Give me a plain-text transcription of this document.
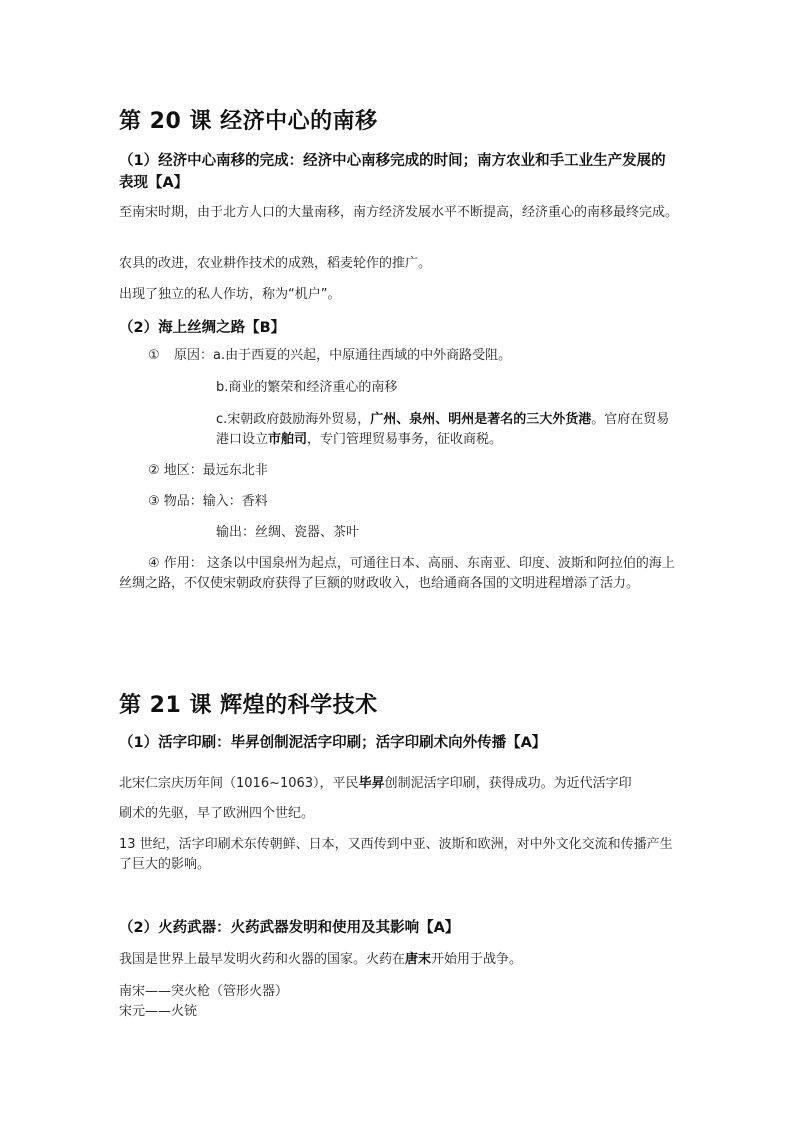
第 20 课 经济中心的南移
（1）经济中心南移的完成：经济中心南移完成的时间；南方农业和手工业生产发展的表现【A】
至南宋时期，由于北方人口的大量南移，南方经济发展水平不断提高，经济重心的南移最终完成。
农具的改进，农业耕作技术的成熟，稻麦轮作的推广。
出现了独立的私人作坊，称为“机户”。
（2）海上丝绸之路【B】
① 原因：a.由于西夏的兴起，中原通往西域的中外商路受阻。
b.商业的繁荣和经济重心的南移
c.宋朝政府鼓励海外贸易，广州、泉州、明州是著名的三大外货港。官府在贸易港口设立市舶司，专门管理贸易事务，征收商税。
② 地区：最远东北非
③ 物品：输入：香料
输出：丝绸、瓷器、茶叶
④ 作用： 这条以中国泉州为起点，可通往日本、高丽、东南亚、印度、波斯和阿拉伯的海上丝绸之路，不仅使宋朝政府获得了巨额的财政收入，也给通商各国的文明进程增添了活力。
第 21 课 辉煌的科学技术
（1）活字印刷：毕昇创制泥活字印刷；活字印刷术向外传播【A】
北宋仁宗庆历年间（1016~1063），平民毕昇创制泥活字印刷，获得成功。为近代活字印
刷术的先驱，早了欧洲四个世纪。
13 世纪，活字印刷术东传朝鲜、日本，又西传到中亚、波斯和欧洲，对中外文化交流和传播产生了巨大的影响。
（2）火药武器：火药武器发明和使用及其影响【A】
我国是世界上最早发明火药和火器的国家。火药在唐末开始用于战争。
南宋——突火枪（管形火器）
宋元——火铳
